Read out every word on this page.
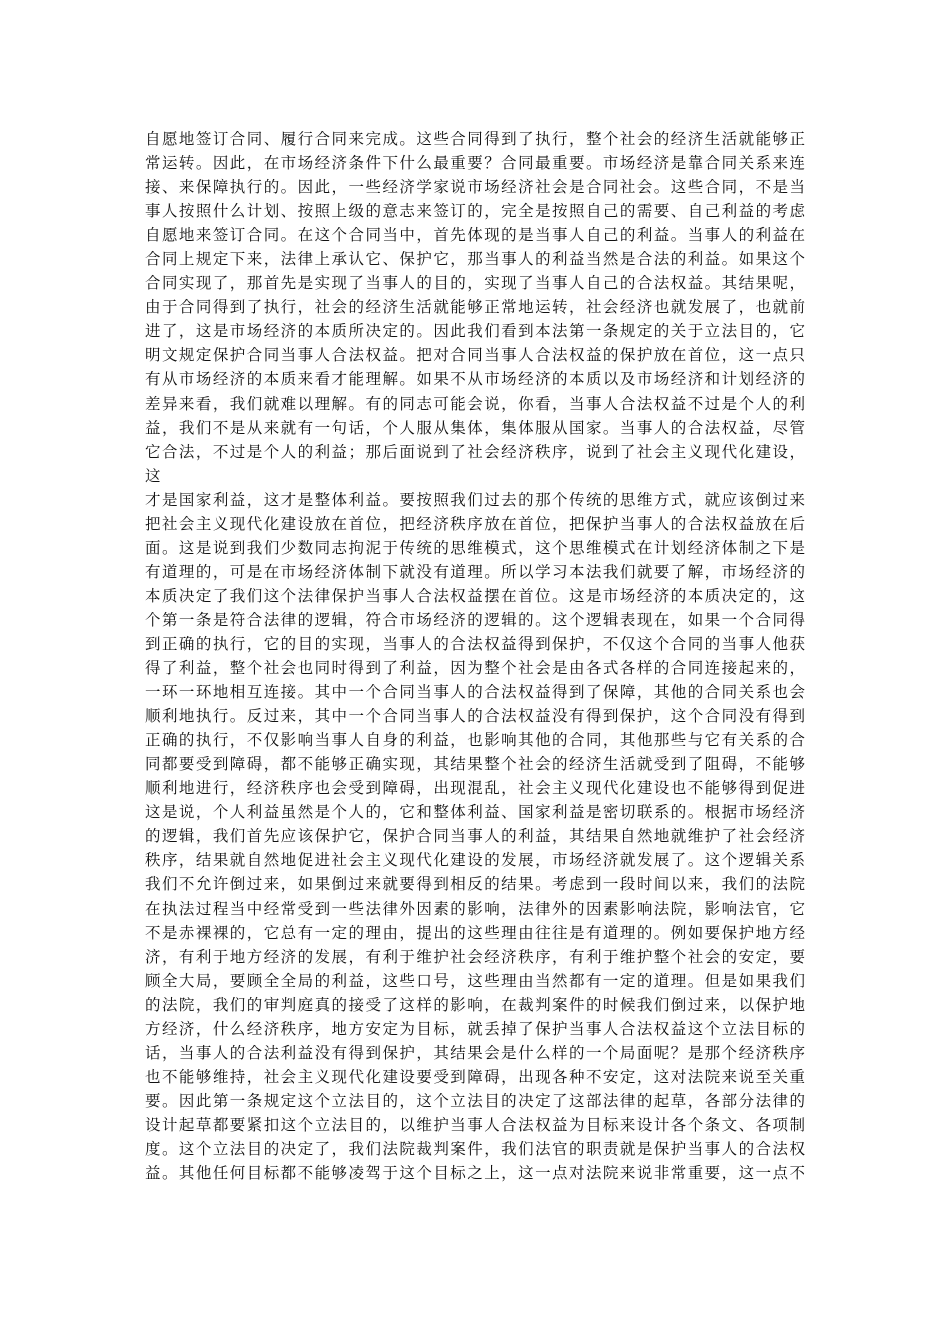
自愿地签订合同、履行合同来完成。这些合同得到了执行，整个社会的经济生活就能够正
常运转。因此，在市场经济条件下什么最重要？合同最重要。市场经济是靠合同关系来连
接、来保障执行的。因此，一些经济学家说市场经济社会是合同社会。这些合同，不是当
事人按照什么计划、按照上级的意志来签订的，完全是按照自己的需要、自己利益的考虑
自愿地来签订合同。在这个合同当中，首先体现的是当事人自己的利益。当事人的利益在
合同上规定下来，法律上承认它、保护它，那当事人的利益当然是合法的利益。如果这个
合同实现了，那首先是实现了当事人的目的，实现了当事人自己的合法权益。其结果呢，
由于合同得到了执行，社会的经济生活就能够正常地运转，社会经济也就发展了，也就前
进了，这是市场经济的本质所决定的。因此我们看到本法第一条规定的关于立法目的，它
明文规定保护合同当事人合法权益。把对合同当事人合法权益的保护放在首位，这一点只
有从市场经济的本质来看才能理解。如果不从市场经济的本质以及市场经济和计划经济的
差异来看，我们就难以理解。有的同志可能会说，你看，当事人合法权益不过是个人的利
益，我们不是从来就有一句话，个人服从集体，集体服从国家。当事人的合法权益，尽管
它合法，不过是个人的利益；那后面说到了社会经济秩序，说到了社会主义现代化建设，
这
才是国家利益，这才是整体利益。要按照我们过去的那个传统的思维方式，就应该倒过来
把社会主义现代化建设放在首位，把经济秩序放在首位，把保护当事人的合法权益放在后
面。这是说到我们少数同志拘泥于传统的思维模式，这个思维模式在计划经济体制之下是
有道理的，可是在市场经济体制下就没有道理。所以学习本法我们就要了解，市场经济的
本质决定了我们这个法律保护当事人合法权益摆在首位。这是市场经济的本质决定的，这
个第一条是符合法律的逻辑，符合市场经济的逻辑的。这个逻辑表现在，如果一个合同得
到正确的执行，它的目的实现，当事人的合法权益得到保护，不仅这个合同的当事人他获
得了利益，整个社会也同时得到了利益，因为整个社会是由各式各样的合同连接起来的，
一环一环地相互连接。其中一个合同当事人的合法权益得到了保障，其他的合同关系也会
顺利地执行。反过来，其中一个合同当事人的合法权益没有得到保护，这个合同没有得到
正确的执行，不仅影响当事人自身的利益，也影响其他的合同，其他那些与它有关系的合
同都要受到障碍，都不能够正确实现，其结果整个社会的经济生活就受到了阻碍，不能够
顺利地进行，经济秩序也会受到障碍，出现混乱，社会主义现代化建设也不能够得到促进
这是说，个人利益虽然是个人的，它和整体利益、国家利益是密切联系的。根据市场经济
的逻辑，我们首先应该保护它，保护合同当事人的利益，其结果自然地就维护了社会经济
秩序，结果就自然地促进社会主义现代化建设的发展，市场经济就发展了。这个逻辑关系
我们不允许倒过来，如果倒过来就要得到相反的结果。考虑到一段时间以来，我们的法院
在执法过程当中经常受到一些法律外因素的影响，法律外的因素影响法院，影响法官，它
不是赤裸裸的，它总有一定的理由，提出的这些理由往往是有道理的。例如要保护地方经
济，有利于地方经济的发展，有利于维护社会经济秩序，有利于维护整个社会的安定，要
顾全大局，要顾全全局的利益，这些口号，这些理由当然都有一定的道理。但是如果我们
的法院，我们的审判庭真的接受了这样的影响，在裁判案件的时候我们倒过来，以保护地
方经济，什么经济秩序，地方安定为目标，就丢掉了保护当事人合法权益这个立法目标的
话，当事人的合法利益没有得到保护，其结果会是什么样的一个局面呢？是那个经济秩序
也不能够维持，社会主义现代化建设要受到障碍，出现各种不安定，这对法院来说至关重
要。因此第一条规定这个立法目的，这个立法目的决定了这部法律的起草，各部分法律的
设计起草都要紧扣这个立法目的，以维护当事人合法权益为目标来设计各个条文、各项制
度。这个立法目的决定了，我们法院裁判案件，我们法官的职责就是保护当事人的合法权
益。其他任何目标都不能够凌驾于这个目标之上，这一点对法院来说非常重要，这一点不
